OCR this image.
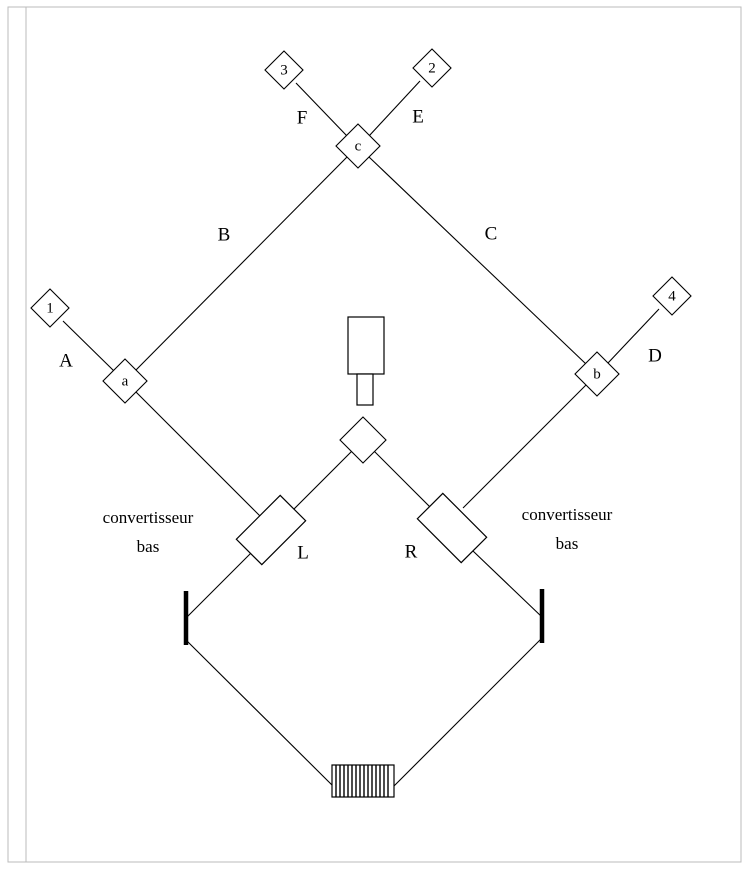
1
2
3
4
a	b
c
A
B	C
D
E
F
L	R
convertisseur
bas
convertisseur
bas
